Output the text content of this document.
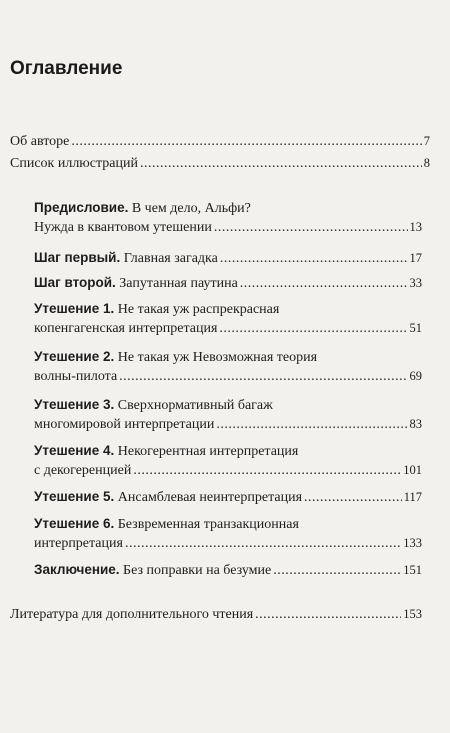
Оглавление
Об авторе .....	7
Список иллюстраций .....	8
Предисловие. В чем дело, Альфи?
Нужда в квантовом утешении .....	13
Шаг первый. Главная загадка .....	17
Шаг второй. Запутанная паутина .....	33
Утешение 1. Не такая уж распрекрасная
копенгагенская интерпретация .....	51
Утешение 2. Не такая уж Невозможная теория
волны-пилота .....	69
Утешение 3. Сверхнормативный багаж
многомировой интерпретации .....	83
Утешение 4. Некогерентная интерпретация
с декогеренцией .....	101
Утешение 5. Ансамблевая неинтерпретация .....	117
Утешение 6. Безвременная транзакционная
интерпретация .....	133
Заключение. Без поправки на безумие .....	151
Литература для дополнительного чтения .....	153
